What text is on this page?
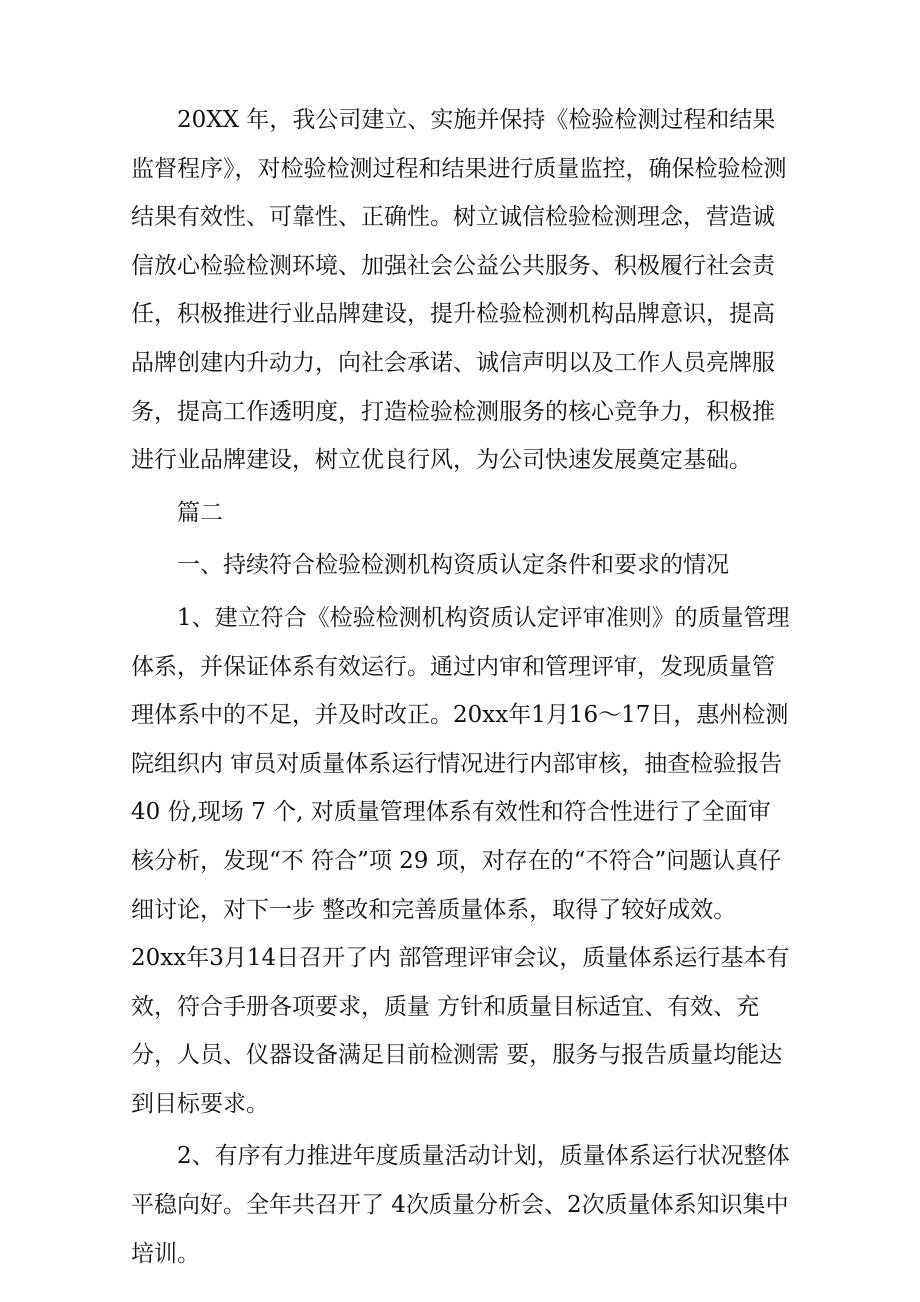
20XX 年，我公司建立、实施并保持《检验检测过程和结果监督程序》，对检验检测过程和结果进行质量监控，确保检验检测结果有效性、可靠性、正确性。树立诚信检验检测理念，营造诚信放心检验检测环境、加强社会公益公共服务、积极履行社会责任，积极推进行业品牌建设，提升检验检测机构品牌意识，提高品牌创建内升动力，向社会承诺、诚信声明以及工作人员亮牌服务，提高工作透明度，打造检验检测服务的核心竞争力，积极推进行业品牌建设，树立优良行风，为公司快速发展奠定基础。

篇二

一、持续符合检验检测机构资质认定条件和要求的情况

1、建立符合《检验检测机构资质认定评审准则》的质量管理体系，并保证体系有效运行。通过内审和管理评审，发现质量管理体系中的不足，并及时改正。20xx年1月16～17日，惠州检测院组织内 审员对质量体系运行情况进行内部审核，抽查检验报告40 份,现场 7 个, 对质量管理体系有效性和符合性进行了全面审核分析，发现“不 符合”项 29 项，对存在的“不符合”问题认真仔细讨论，对下一步 整改和完善质量体系，取得了较好成效。20xx年3月14日召开了内 部管理评审会议，质量体系运行基本有效，符合手册各项要求，质量 方针和质量目标适宜、有效、充分，人员、仪器设备满足目前检测需 要，服务与报告质量均能达到目标要求。

2、有序有力推进年度质量活动计划，质量体系运行状况整体平稳向好。全年共召开了 4次质量分析会、2次质量体系知识集中培训。
